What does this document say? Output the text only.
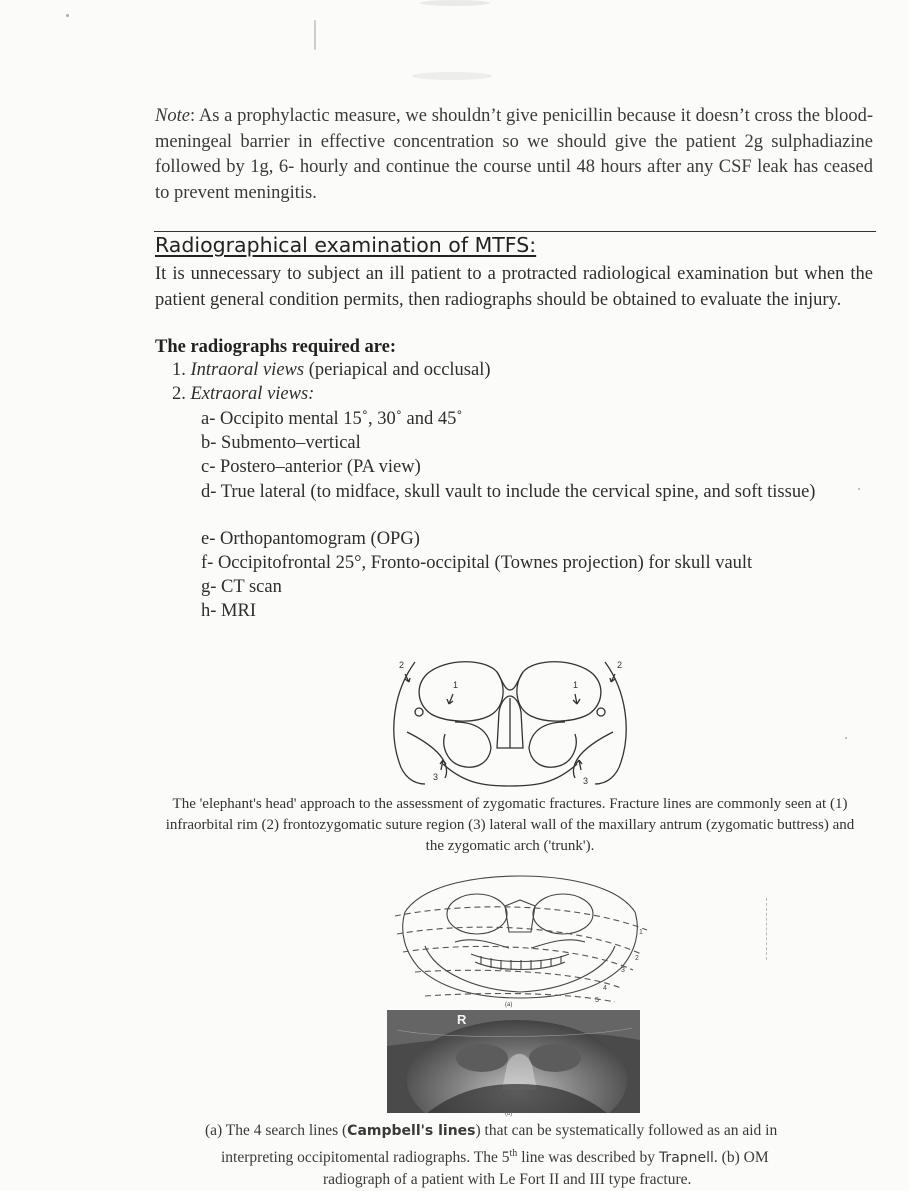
Note: As a prophylactic measure, we shouldn’t give penicillin because it doesn’t cross the blood-meningeal barrier in effective concentration so we should give the patient 2g sulphadiazine followed by 1g, 6- hourly and continue the course until 48 hours after any CSF leak has ceased to prevent meningitis.
Radiographical examination of MTFS:
It is unnecessary to subject an ill patient to a protracted radiological examination but when the patient general condition permits, then radiographs should be obtained to evaluate the injury.
The radiographs required are:
1. Intraoral views (periapical and occlusal)
2. Extraoral views:
a- Occipito mental 15˚, 30˚ and 45˚
b- Submento–vertical
c- Postero–anterior (PA view)
d- True lateral (to midface, skull vault to include the cervical spine, and soft tissue)
e- Orthopantomogram (OPG)
f- Occipitofrontal 25°, Fronto-occipital (Townes projection) for skull vault
g- CT scan
h- MRI
2	2
1	1
3	3
The 'elephant's head' approach to the assessment of zygomatic fractures. Fracture lines are commonly seen at (1) infraorbital rim (2) frontozygomatic suture region (3) lateral wall of the maxillary antrum (zygomatic buttress) and the zygomatic arch ('trunk').
1
2
3
4
5
(a)
R
(b)
(a) The 4 search lines (Campbell's lines) that can be systematically followed as an aid in
interpreting occipitomental radiographs. The 5th line was described by Trapnell. (b) OM
radiograph of a patient with Le Fort II and III type fracture.
